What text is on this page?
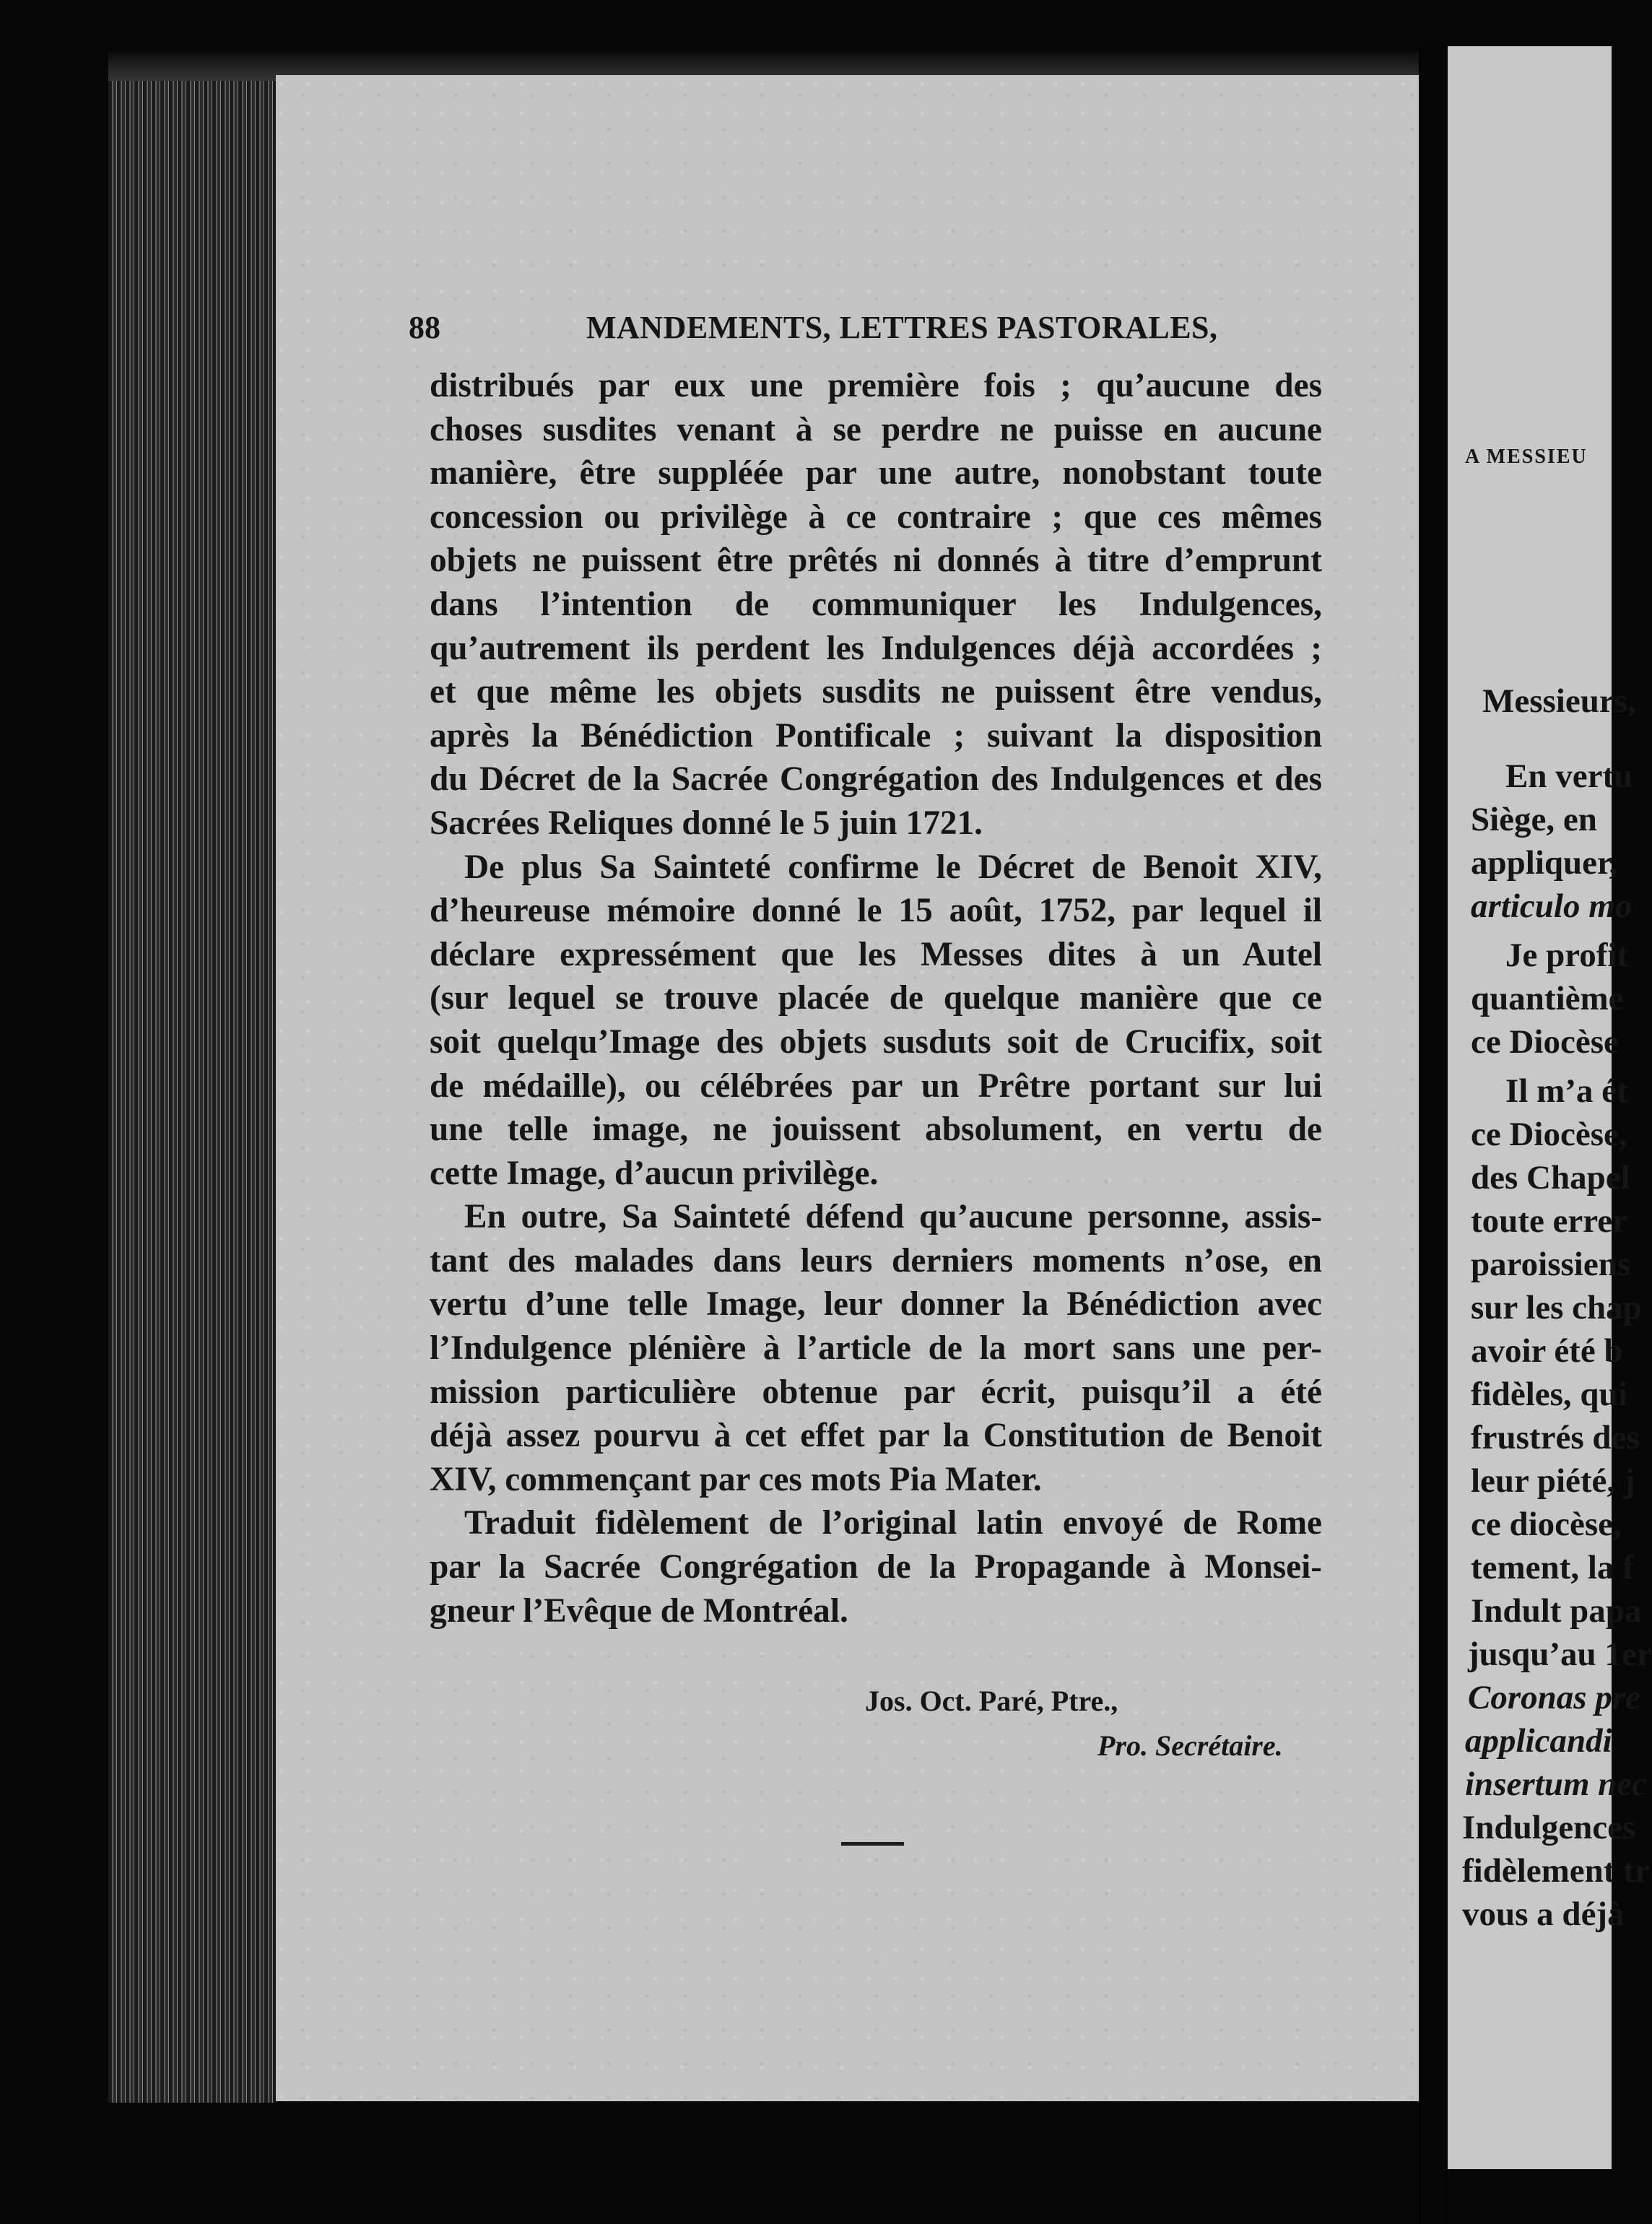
88	MANDEMENTS, LETTRES PASTORALES,
distribués par eux une première fois ; qu’aucune des
choses susdites venant à se perdre ne puisse en aucune
manière, être suppléée par une autre, nonobstant toute
concession ou privilège à ce contraire ; que ces mêmes
objets ne puissent être prêtés ni donnés à titre d’emprunt
dans l’intention de communiquer les Indulgences,
qu’autrement ils perdent les Indulgences déjà accordées ;
et que même les objets susdits ne puissent être vendus,
après la Bénédiction Pontificale ; suivant la disposition
du Décret de la Sacrée Congrégation des Indulgences et des
Sacrées Reliques donné le 5 juin 1721.
De plus Sa Sainteté confirme le Décret de Benoit XIV,
d’heureuse mémoire donné le 15 août, 1752, par lequel il
déclare expressément que les Messes dites à un Autel
(sur lequel se trouve placée de quelque manière que ce
soit quelqu’Image des objets susduts soit de Crucifix, soit
de médaille), ou célébrées par un Prêtre portant sur lui
une telle image, ne jouissent absolument, en vertu de
cette Image, d’aucun privilège.
En outre, Sa Sainteté défend qu’aucune personne, assis-
tant des malades dans leurs derniers moments n’ose, en
vertu d’une telle Image, leur donner la Bénédiction avec
l’Indulgence plénière à l’article de la mort sans une per-
mission particulière obtenue par écrit, puisqu’il a été
déjà assez pourvu à cet effet par la Constitution de Benoit
XIV, commençant par ces mots Pia Mater.
Traduit fidèlement de l’original latin envoyé de Rome
par la Sacrée Congrégation de la Propagande à Monsei-
gneur l’Evêque de Montréal.
Jos. Oct. Paré, Ptre.,
Pro. Secrétaire.
A MESSIEU
Messieurs,
En vertu
Siège, en
appliquer,
articulo mo
Je profit
quantième
ce Diocèse
Il m’a ét
ce Diocèse,
des Chapel
toute errer
paroissiens
sur les chap
avoir été b
fidèles, qui
frustrés des
leur piété, j
ce diocèse,
tement, la f
Indult papa
jusqu’au 1er
Coronas pre
applicandi
insertum nec
Indulgences
fidèlement tr
vous a déjà
